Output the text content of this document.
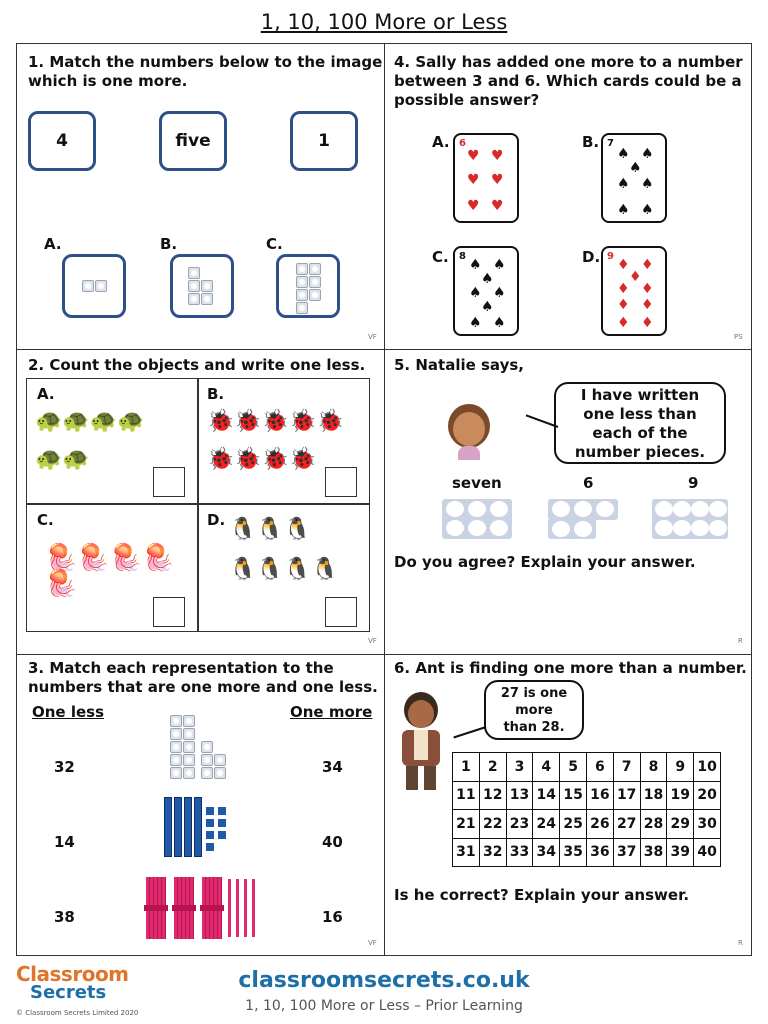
1, 10, 100 More or Less
1. Match the numbers below to the image
which is one more.
4	five	1
A.	B.	C.
VF
4. Sally has added one more to a number
between 3 and 6. Which cards could be a
possible answer?
A. 6
♥ ♥
♥ ♥
♥ ♥
B. 7
♠ ♠
♠
♠ ♠
♠ ♠
C. 8
♠ ♠
♠
♠ ♠
♠
♠ ♠
D. 9
♦ ♦
♦
♦ ♦
♦ ♦
♦ ♦
PS
2. Count the objects and write one less.
A.
🐢🐢🐢🐢
🐢🐢
B.
🐞🐞🐞🐞🐞
🐞🐞🐞🐞
C.
🪼🪼🪼🪼🪼
D. 🐧🐧🐧
🐧🐧🐧🐧
VF
5. Natalie says,
I have written
one less than
each of the
number pieces.
seven	6	9
Do you agree? Explain your answer.
R
3. Match each representation to the
numbers that are one more and one less.
One less	One more
32
14
38
34
40
16
VF
6. Ant is finding one more than a number.
27 is one
more
than 28.
1	2	3	4	5	6	7	8	9	10
11	12	13	14	15	16	17	18	19	20
21	22	23	24	25	26	27	28	29	30
31	32	33	34	35	36	37	38	39	40
Is he correct? Explain your answer.
R
Classroom
Secrets	classroomsecrets.co.uk
1, 10, 100 More or Less – Prior Learning
© Classroom Secrets Limited 2020
